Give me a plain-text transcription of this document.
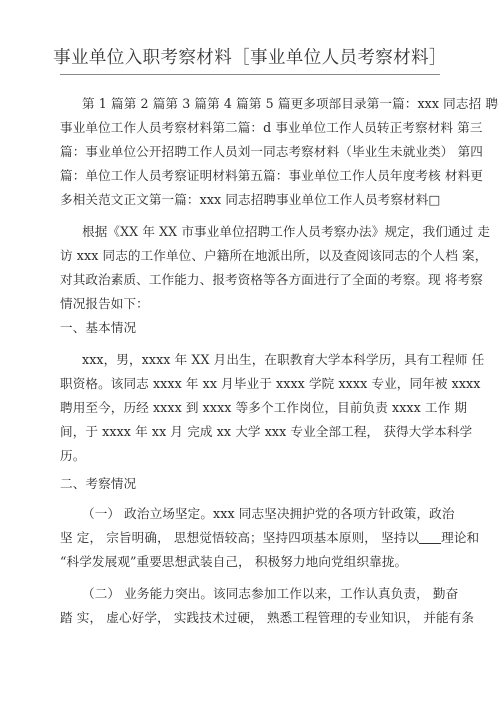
事业单位入职考察材料［事业单位人员考察材料］
第 1 篇第 2 篇第 3 篇第 4 篇第 5 篇更多项部目录第一篇：xxx 同志招 聘
事业单位工作人员考察材料第二篇：d 事业单位工作人员转正考察材料 第三
篇：事业单位公开招聘工作人员刘一同志考察材料（毕业生未就业类） 第四
篇：单位工作人员考察证明材料第五篇：事业单位工作人员年度考核 材料更
多相关范文正文第一篇：xxx 同志招聘事业单位工作人员考察材料□
根据《XX 年 XX 市事业单位招聘工作人员考察办法》规定，我们通过 走
访 xxx 同志的工作单位、户籍所在地派出所，以及查阅该同志的个人档 案，
对其政治素质、工作能力、报考资格等各方面进行了全面的考察。现 将考察
情况报告如下：
一、基本情况
xxx，男，xxxx 年 XX 月出生，在职教育大学本科学历，具有工程师 任
职资格。该同志 xxxx 年 xx 月毕业于 xxxx 学院 xxxx 专业，同年被 xxxx
聘用至今，历经 xxxx 到 xxxx 等多个工作岗位，目前负责 xxxx 工作 期
间，于 xxxx 年 xx 月 完成 xx 大学 xxx 专业全部工程， 获得大学本科学
历。
二、考察情况
（一） 政治立场坚定。xxx 同志坚决拥护党的各项方针政策，政治
坚 定， 宗旨明确， 思想觉悟较高；坚持四项基本原则， 坚持以	理论和
“科学发展观”重要思想武装自己， 积极努力地向党组织靠拢。
（二） 业务能力突出。该同志参加工作以来，工作认真负责， 勤奋
踏 实， 虚心好学， 实践技术过硬， 熟悉工程管理的专业知识， 并能有条
